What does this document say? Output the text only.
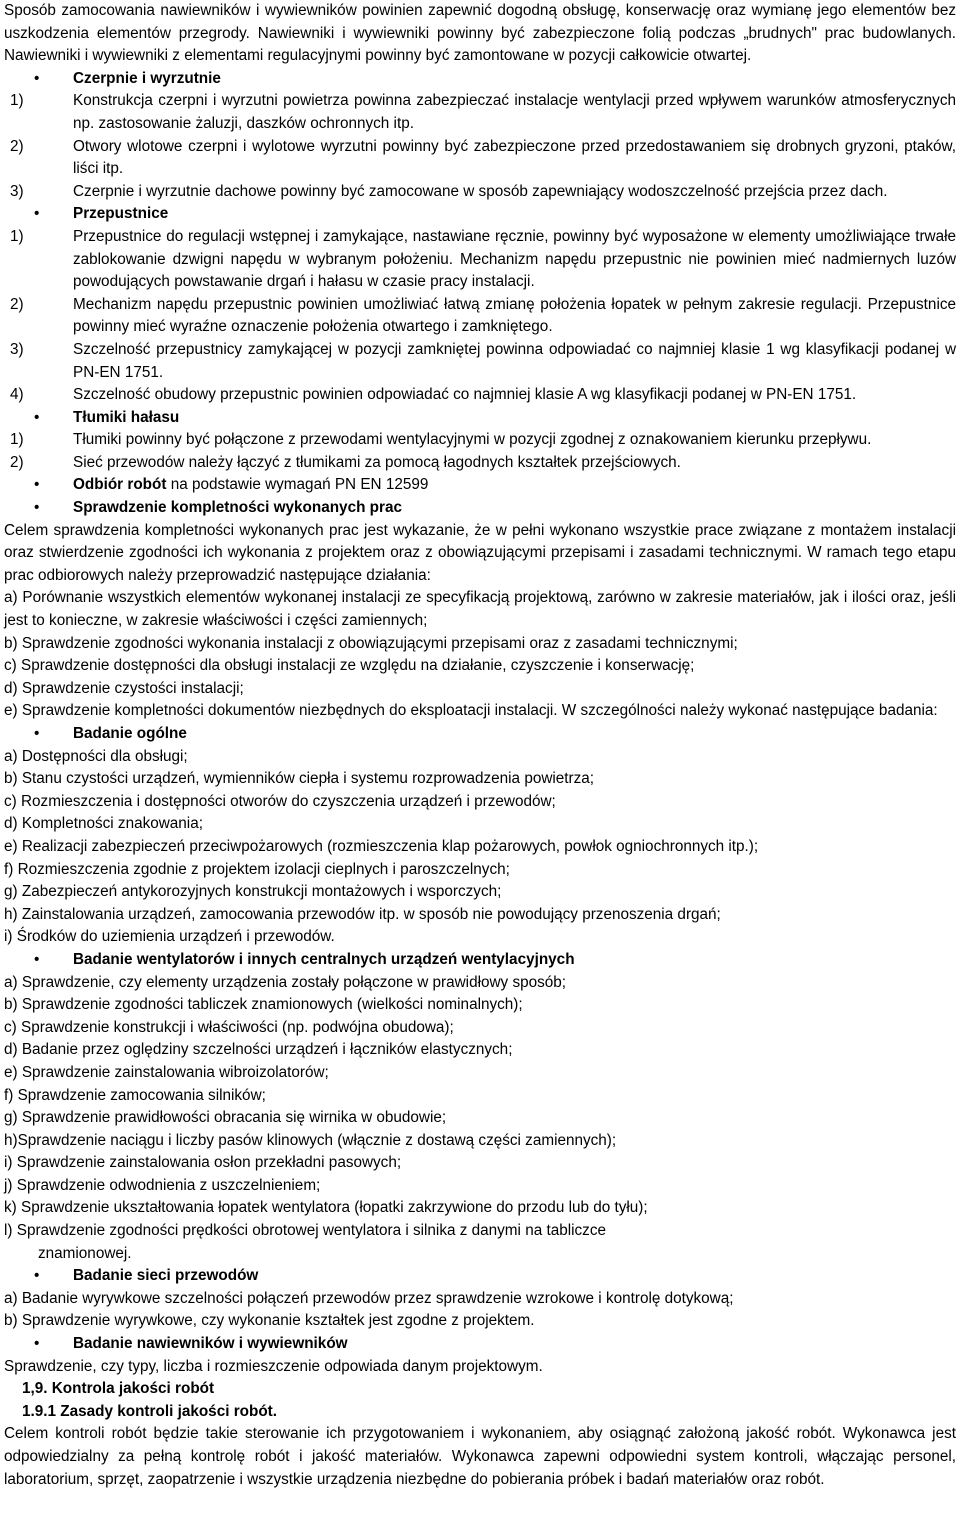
Sposób zamocowania nawiewników i wywiewników powinien zapewnić dogodną obsługę, konserwację oraz wymianę jego elementów bez uszkodzenia elementów przegrody. Nawiewniki i wywiewniki powinny być zabezpieczone folią podczas „brudnych" prac budowlanych. Nawiewniki i wywiewniki z elementami regulacyjnymi powinny być zamontowane w pozycji całkowicie otwartej.

• Czerpnie i wyrzutnie

1)	Konstrukcja czerpni i wyrzutni powietrza powinna zabezpieczać instalacje wentylacji przed wpływem warunków atmosferycznych np. zastosowanie żaluzji, daszków ochronnych itp.

2)	Otwory wlotowe czerpni i wylotowe wyrzutni powinny być zabezpieczone przed przedostawaniem się drobnych gryzoni, ptaków, liści itp.

3)	Czerpnie i wyrzutnie dachowe powinny być zamocowane w sposób zapewniający wodoszczelność przejścia przez dach.

• Przepustnice

1)	Przepustnice do regulacji wstępnej i zamykające, nastawiane ręcznie, powinny być wyposażone w elementy umożliwiające trwałe zablokowanie dzwigni napędu w wybranym położeniu. Mechanizm napędu przepustnic nie powinien mieć nadmiernych luzów powodujących powstawanie drgań i hałasu w czasie pracy instalacji.

2)	Mechanizm napędu przepustnic powinien umożliwiać łatwą zmianę położenia łopatek w pełnym zakresie regulacji. Przepustnice powinny mieć wyraźne oznaczenie położenia otwartego i zamkniętego.

3)	Szczelność przepustnicy zamykającej w pozycji zamkniętej powinna odpowiadać co najmniej klasie 1 wg klasyfikacji podanej w PN-EN 1751.

4)	Szczelność obudowy przepustnic powinien odpowiadać co najmniej klasie A wg klasyfikacji podanej w PN-EN 1751.

• Tłumiki hałasu

1)	Tłumiki powinny być połączone z przewodami wentylacyjnymi w pozycji zgodnej z oznakowaniem kierunku przepływu.

2)	Sieć przewodów należy łączyć z tłumikami za pomocą łagodnych kształtek przejściowych.

• Odbiór robót na podstawie wymagań PN EN 12599

• Sprawdzenie kompletności wykonanych prac

Celem sprawdzenia kompletności wykonanych prac jest wykazanie, że w pełni wykonano wszystkie prace związane z montażem instalacji oraz stwierdzenie zgodności ich wykonania z projektem oraz z obowiązującymi przepisami i zasadami technicznymi. W ramach tego etapu prac odbiorowych należy przeprowadzić następujące działania:

a) Porównanie wszystkich elementów wykonanej instalacji ze specyfikacją projektową, zarówno w zakresie materiałów, jak i ilości oraz, jeśli jest to konieczne, w zakresie właściwości i części zamiennych;

b) Sprawdzenie zgodności wykonania instalacji z obowiązującymi przepisami oraz z zasadami technicznymi;

c) Sprawdzenie dostępności dla obsługi instalacji ze względu na działanie, czyszczenie i konserwację;

d) Sprawdzenie czystości instalacji;

e) Sprawdzenie kompletności dokumentów niezbędnych do eksploatacji instalacji. W szczególności należy wykonać następujące badania:

• Badanie ogólne

a) Dostępności dla obsługi;

b) Stanu czystości urządzeń, wymienników ciepła i systemu rozprowadzenia powietrza;

c) Rozmieszczenia i dostępności otworów do czyszczenia urządzeń i przewodów;

d) Kompletności znakowania;

e) Realizacji zabezpieczeń przeciwpożarowych (rozmieszczenia klap pożarowych, powłok ogniochronnych itp.);

f) Rozmieszczenia zgodnie z projektem izolacji cieplnych i paroszczelnych;

g) Zabezpieczeń antykorozyjnych konstrukcji montażowych i wsporczych;

h) Zainstalowania urządzeń, zamocowania przewodów itp. w sposób nie powodujący przenoszenia drgań;

i) Środków do uziemienia urządzeń i przewodów.

• Badanie wentylatorów i innych centralnych urządzeń wentylacyjnych

a) Sprawdzenie, czy elementy urządzenia zostały połączone w prawidłowy sposób;

b) Sprawdzenie zgodności tabliczek znamionowych (wielkości nominalnych);

c) Sprawdzenie konstrukcji i właściwości (np. podwójna obudowa);

d) Badanie przez oględziny szczelności urządzeń i łączników elastycznych;

e) Sprawdzenie zainstalowania wibroizolatorów;

f) Sprawdzenie zamocowania silników;

g) Sprawdzenie prawidłowości obracania się wirnika w obudowie;

h)Sprawdzenie naciągu i liczby pasów klinowych (włącznie z dostawą części zamiennych);

i) Sprawdzenie zainstalowania osłon przekładni pasowych;

j) Sprawdzenie odwodnienia z uszczelnieniem;

k) Sprawdzenie ukształtowania łopatek wentylatora (łopatki zakrzywione do przodu lub do tyłu);

l) Sprawdzenie zgodności prędkości obrotowej wentylatora i silnika z danymi na tabliczce

znamionowej.

• Badanie sieci przewodów

a) Badanie wyrywkowe szczelności połączeń przewodów przez sprawdzenie wzrokowe i kontrolę dotykową;

b) Sprawdzenie wyrywkowe, czy wykonanie kształtek jest zgodne z projektem.

• Badanie nawiewników i wywiewników

Sprawdzenie, czy typy, liczba i rozmieszczenie odpowiada danym projektowym.

1,9. Kontrola jakości robót

1.9.1 Zasady kontroli jakości robót.

Celem kontroli robót będzie takie sterowanie ich przygotowaniem i wykonaniem, aby osiągnąć założoną jakość robót. Wykonawca jest odpowiedzialny za pełną kontrolę robót i jakość materiałów. Wykonawca zapewni odpowiedni system kontroli, włączając personel, laboratorium, sprzęt, zaopatrzenie i wszystkie urządzenia niezbędne do pobierania próbek i badań materiałów oraz robót.
